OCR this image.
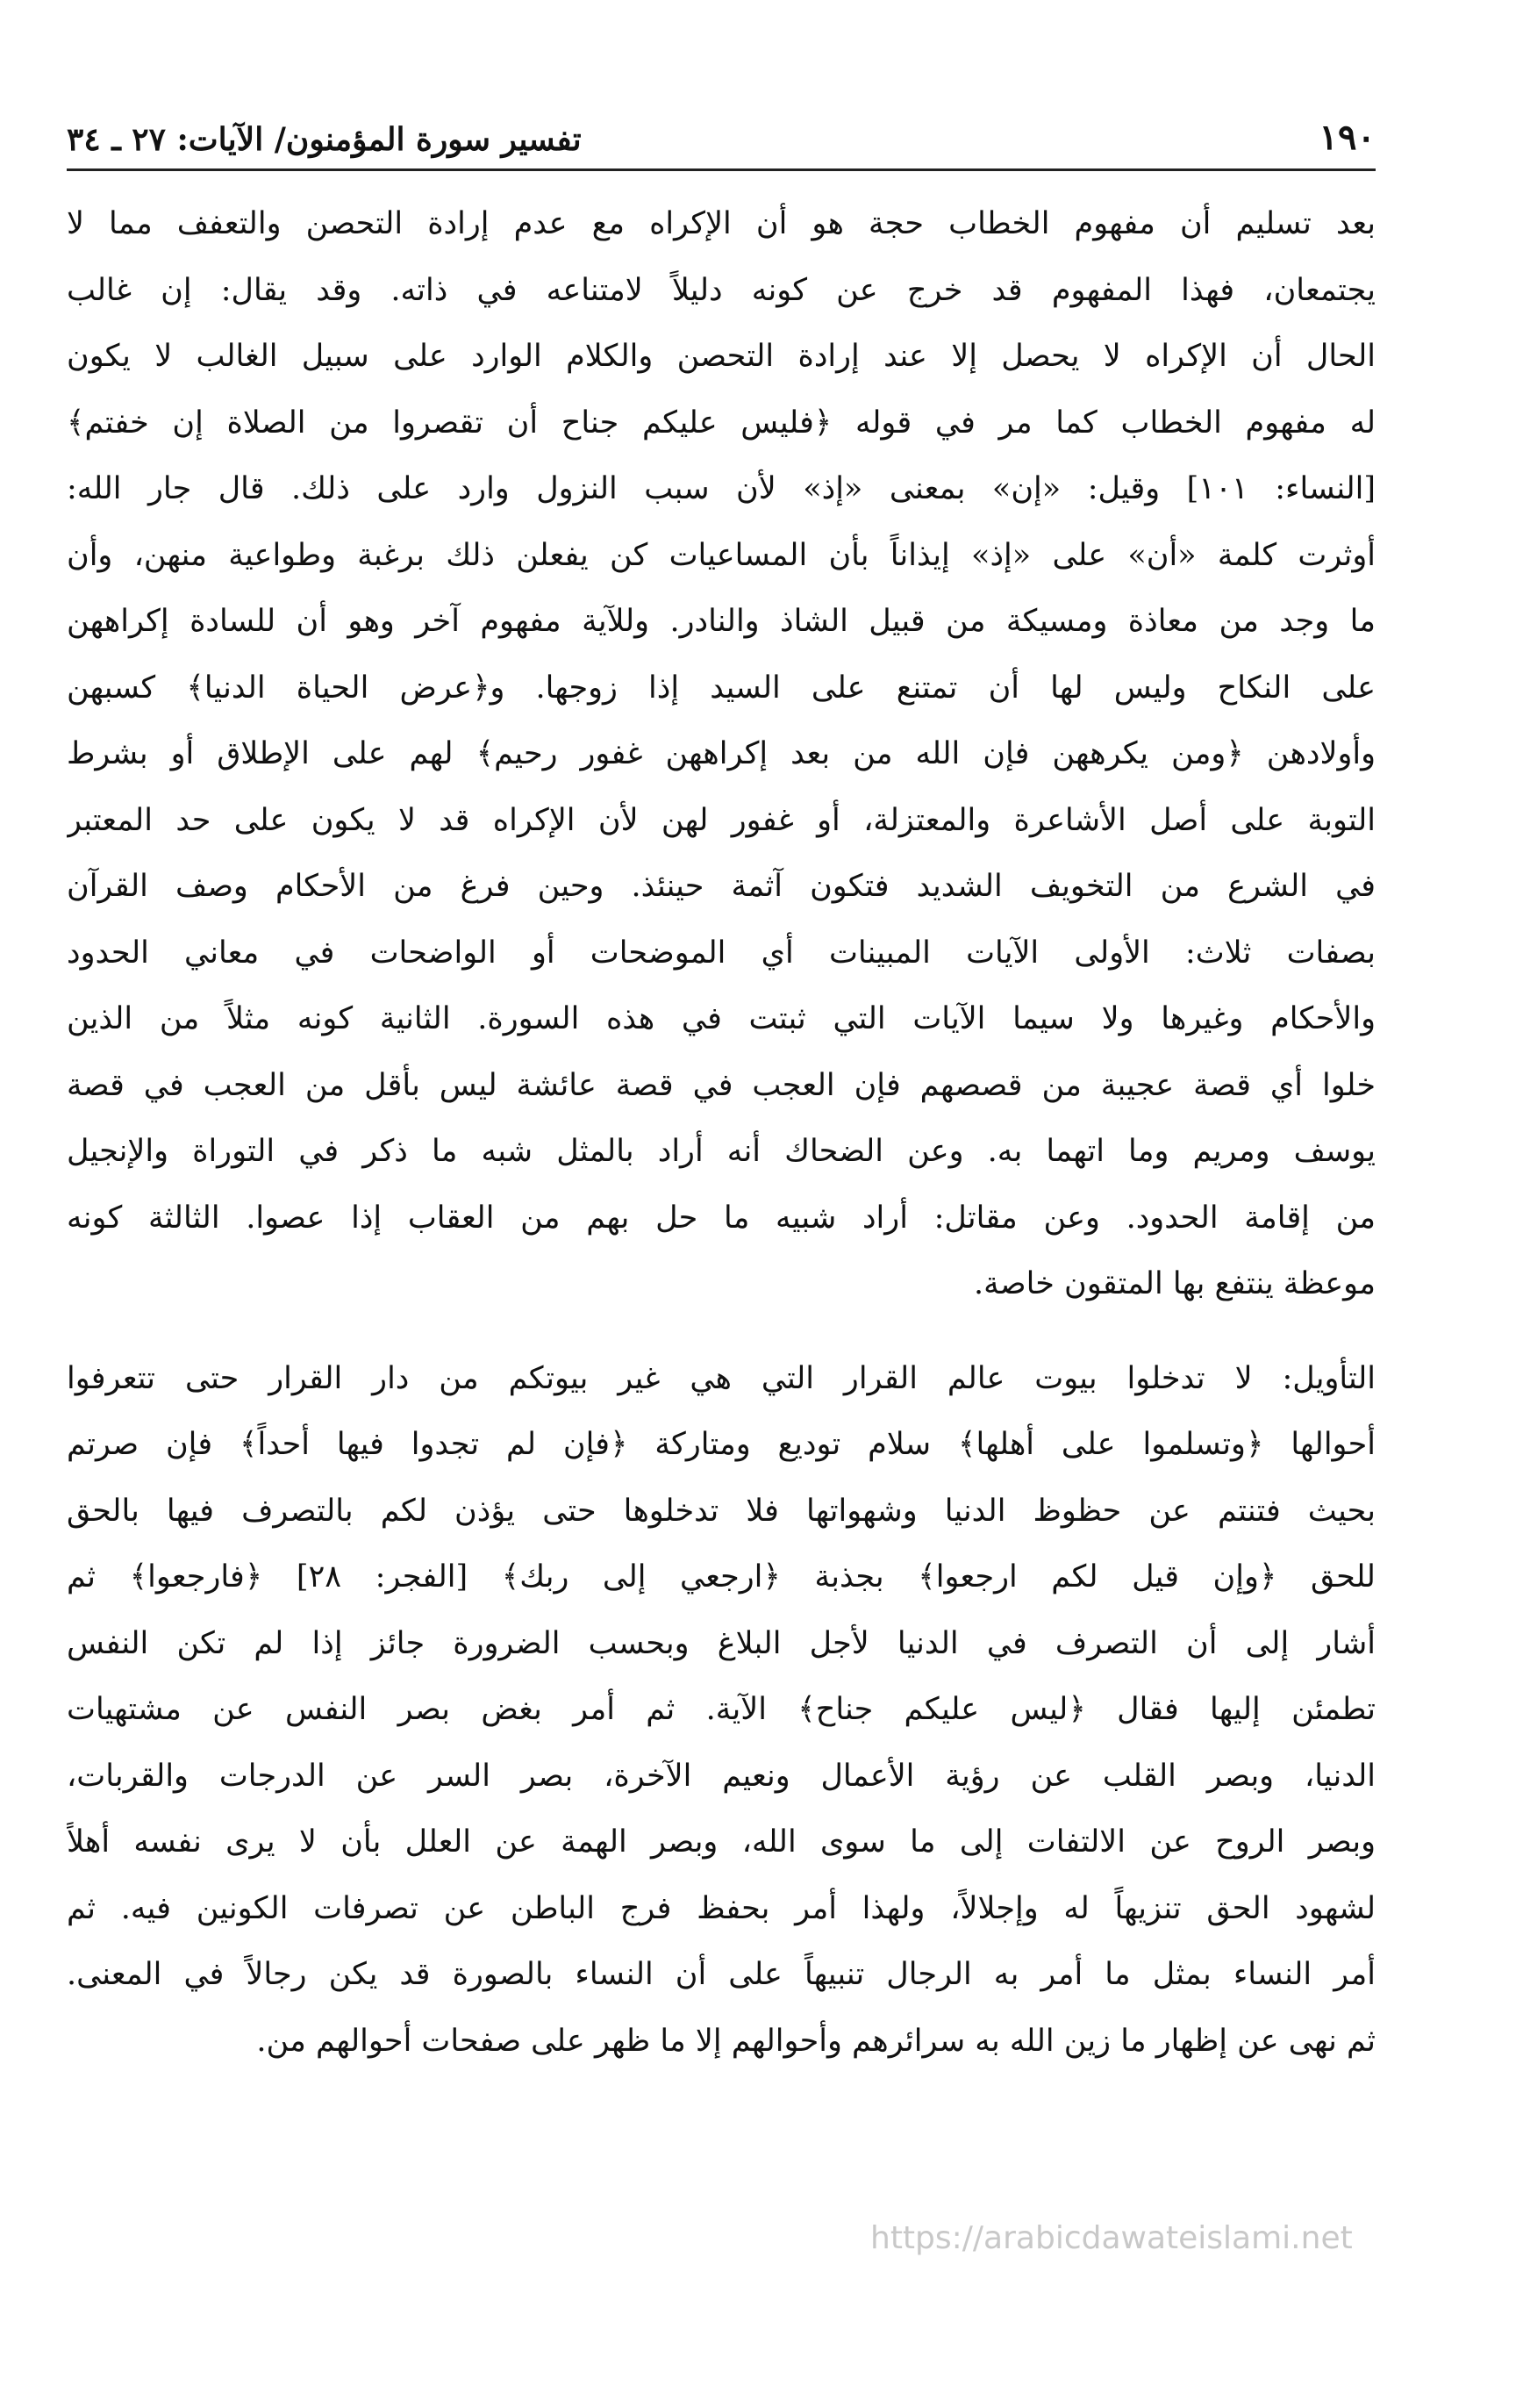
١٩٠
تفسير سورة المؤمنون/ الآيات: ٢٧ ـ ٣٤
بعد تسليم أن مفهوم الخطاب حجة هو أن الإكراه مع عدم إرادة التحصن والتعفف مما لا
يجتمعان، فهذا المفهوم قد خرج عن كونه دليلاً لامتناعه في ذاته. وقد يقال: إن غالب
الحال أن الإكراه لا يحصل إلا عند إرادة التحصن والكلام الوارد على سبيل الغالب لا يكون
له مفهوم الخطاب كما مر في قوله ﴿فليس عليكم جناح أن تقصروا من الصلاة إن خفتم﴾
[النساء: ١٠١] وقيل: «إن» بمعنى «إذ» لأن سبب النزول وارد على ذلك. قال جار الله:
أوثرت كلمة «أن» على «إذ» إيذاناً بأن المساعيات كن يفعلن ذلك برغبة وطواعية منهن، وأن
ما وجد من معاذة ومسيكة من قبيل الشاذ والنادر. وللآية مفهوم آخر وهو أن للسادة إكراههن
على النكاح وليس لها أن تمتنع على السيد إذا زوجها. و﴿عرض الحياة الدنيا﴾ كسبهن
وأولادهن ﴿ومن يكرههن فإن الله من بعد إكراههن غفور رحيم﴾ لهم على الإطلاق أو بشرط
التوبة على أصل الأشاعرة والمعتزلة، أو غفور لهن لأن الإكراه قد لا يكون على حد المعتبر
في الشرع من التخويف الشديد فتكون آثمة حينئذ. وحين فرغ من الأحكام وصف القرآن
بصفات ثلاث: الأولى الآيات المبينات أي الموضحات أو الواضحات في معاني الحدود
والأحكام وغيرها ولا سيما الآيات التي ثبتت في هذه السورة. الثانية كونه مثلاً من الذين
خلوا أي قصة عجيبة من قصصهم فإن العجب في قصة عائشة ليس بأقل من العجب في قصة
يوسف ومريم وما اتهما به. وعن الضحاك أنه أراد بالمثل شبه ما ذكر في التوراة والإنجيل
من إقامة الحدود. وعن مقاتل: أراد شبيه ما حل بهم من العقاب إذا عصوا. الثالثة كونه
موعظة ينتفع بها المتقون خاصة.
التأويل: لا تدخلوا بيوت عالم القرار التي هي غير بيوتكم من دار القرار حتى تتعرفوا
أحوالها ﴿وتسلموا على أهلها﴾ سلام توديع ومتاركة ﴿فإن لم تجدوا فيها أحداً﴾ فإن صرتم
بحيث فتنتم عن حظوظ الدنيا وشهواتها فلا تدخلوها حتى يؤذن لكم بالتصرف فيها بالحق
للحق ﴿وإن قيل لكم ارجعوا﴾ بجذبة ﴿ارجعي إلى ربك﴾ [الفجر: ٢٨] ﴿فارجعوا﴾ ثم
أشار إلى أن التصرف في الدنيا لأجل البلاغ وبحسب الضرورة جائز إذا لم تكن النفس
تطمئن إليها فقال ﴿ليس عليكم جناح﴾ الآية. ثم أمر بغض بصر النفس عن مشتهيات
الدنيا، وبصر القلب عن رؤية الأعمال ونعيم الآخرة، بصر السر عن الدرجات والقربات،
وبصر الروح عن الالتفات إلى ما سوى الله، وبصر الهمة عن العلل بأن لا يرى نفسه أهلاً
لشهود الحق تنزيهاً له وإجلالاً، ولهذا أمر بحفظ فرج الباطن عن تصرفات الكونين فيه. ثم
أمر النساء بمثل ما أمر به الرجال تنبيهاً على أن النساء بالصورة قد يكن رجالاً في المعنى.
ثم نهى عن إظهار ما زين الله به سرائرهم وأحوالهم إلا ما ظهر على صفحات أحوالهم من.
https://arabicdawateislami.net
